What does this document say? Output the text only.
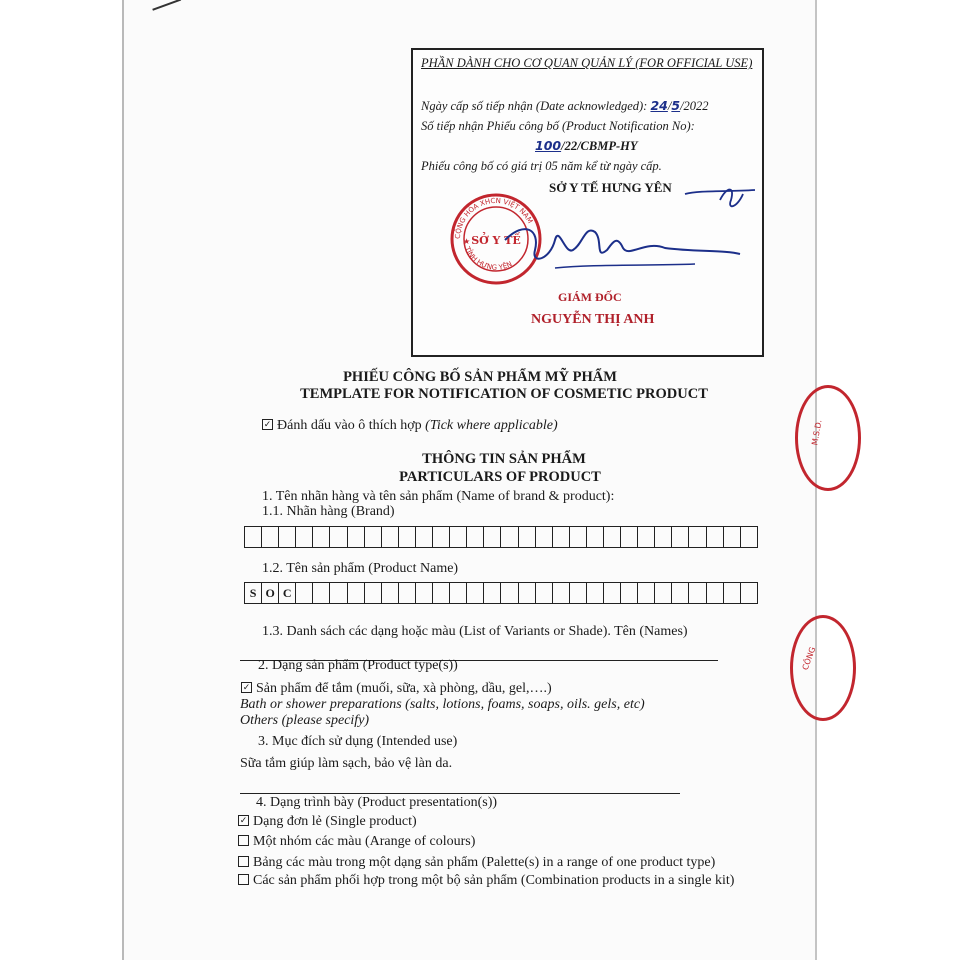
M.S.D.
CÔNG
PHẦN DÀNH CHO CƠ QUAN QUẢN LÝ (FOR OFFICIAL USE)
Ngày cấp số tiếp nhận (Date acknowledged): 24/5/2022
Số tiếp nhận Phiếu công bố (Product Notification No):
100/22/CBMP-HY
Phiếu công bố có giá trị 05 năm kể từ ngày cấp.
SỞ Y TẾ HƯNG YÊN
CỘNG HÒA XHCN VIỆT NAM
TỈNH HƯNG YÊN
SỞ Y TẾ
★
GIÁM ĐỐC
NGUYỄN THỊ ANH
PHIẾU CÔNG BỐ SẢN PHẨM MỸ PHẨM
TEMPLATE FOR NOTIFICATION OF COSMETIC PRODUCT
✓ Đánh dấu vào ô thích hợp (Tick where applicable)
THÔNG TIN SẢN PHẨM
PARTICULARS OF PRODUCT
1. Tên nhãn hàng và tên sản phẩm (Name of brand & product):
1.1. Nhãn hàng (Brand)
1.2. Tên sản phẩm (Product Name)
S O C
1.3. Danh sách các dạng hoặc màu (List of Variants or Shade). Tên (Names)
2. Dạng sản phẩm (Product type(s))
✓ Sản phẩm để tắm (muối, sữa, xà phòng, dầu, gel,….)
Bath or shower preparations (salts, lotions, foams, soaps, oils. gels, etc)
Others (please specify)
3. Mục đích sử dụng (Intended use)
Sữa tắm giúp làm sạch, bảo vệ làn da.
4. Dạng trình bày (Product presentation(s))
✓ Dạng đơn lẻ (Single product)
Một nhóm các màu (Arange of colours)
Bảng các màu trong một dạng sản phẩm (Palette(s) in a range of one product type)
Các sản phẩm phối hợp trong một bộ sản phẩm (Combination products in a single kit)
